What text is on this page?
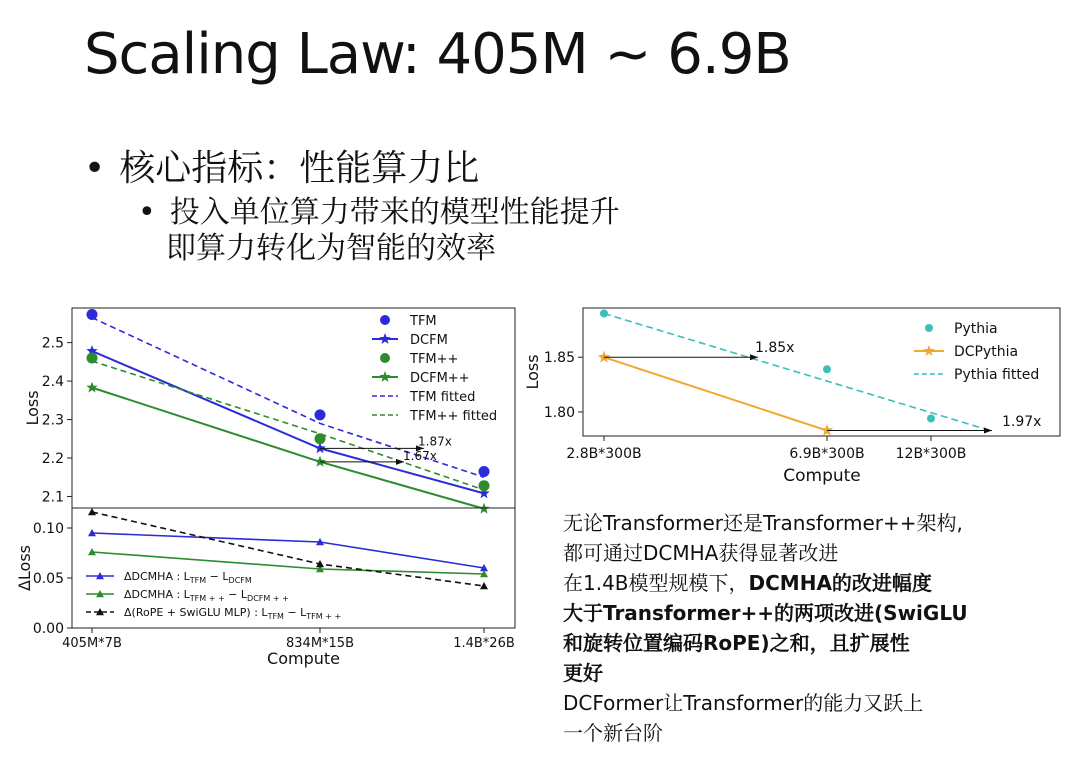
Scaling Law: 405M ~ 6.9B
• 核心指标：性能算力比
• 投入单位算力带来的模型性能提升
即算力转化为智能的效率
2.1
2.2
2.3
2.4
2.5
Loss
1.87x
1.67x
TFM
DCFM
TFM++
DCFM++
TFM fitted
TFM++ fitted
0.00
0.05
0.10
ΔLoss
405M*7B	834M*15B	1.4B*26B
Compute
ΔDCMHA : $L_{TFM} - L_{DCFM}$
ΔDCMHA : $L_{TFM + +} - L_{DCFM + +}$
Δ(RoPE + SwiGLU MLP) : $L_{TFM} - L_{TFM + +}$
1.80
1.85
Loss
2.8B*300B	6.9B*300B 12B*300B
Compute
1.85x
1.97x
Pythia
DCPythia
Pythia fitted
无论Transformer还是Transformer++架构,
都可通过DCMHA获得显著改进
在1.4B模型规模下，DCMHA的改进幅度
大于Transformer++的两项改进(SwiGLU
和旋转位置编码RoPE)之和，且扩展性
更好
DCFormer让Transformer的能力又跃上
一个新台阶
